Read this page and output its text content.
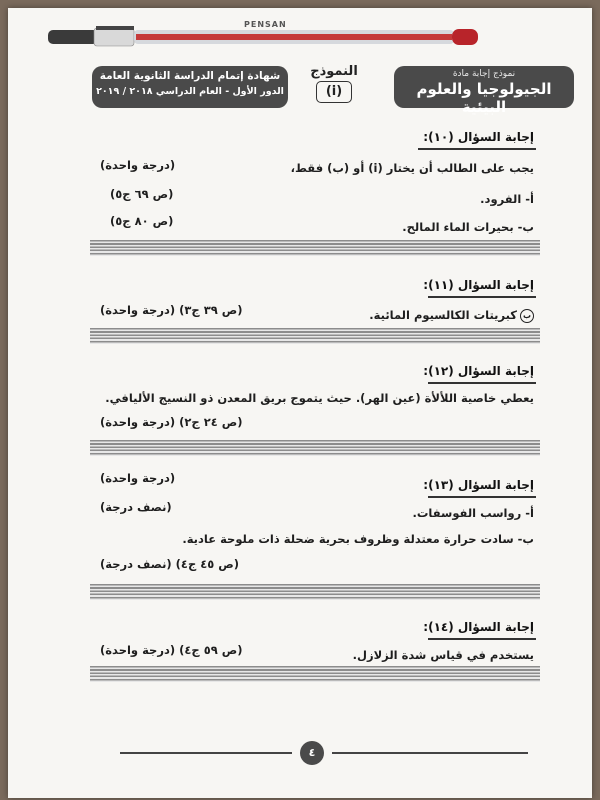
PENSAN
نموذج إجابة مادة
الجيولوجيا والعلوم البيئية
النموذج
(i)
شهادة إتمام الدراسة الثانوية العامة
الدور الأول - العام الدراسي ٢٠١٨ / ٢٠١٩
إجابة السؤال (١٠):
يجب على الطالب أن يختار (i) أو (ب) فقط،
(درجة واحدة)
أ- الفرود.
(ص ٦٩ ج٥)
ب- بحيرات الماء المالح.
(ص ٨٠ ج٥)
إجابة السؤال (١١):
بكبريتات الكالسيوم المائية.
(ص ٣٩ ج٣) (درجة واحدة)
إجابة السؤال (١٢):
يعطي خاصية اللألأة (عين الهر). حيث يتموج بريق المعدن ذو النسيج الأليافي.
(ص ٢٤ ج٢) (درجة واحدة)
إجابة السؤال (١٣):
(درجة واحدة)
أ- رواسب الفوسفات.
(نصف درجة)
ب- سادت حرارة معتدلة وظروف بحرية ضحلة ذات ملوحة عادية.
(ص ٤٥ ج٤) (نصف درجة)
إجابة السؤال (١٤):
يستخدم في قياس شدة الزلازل.
(ص ٥٩ ج٤) (درجة واحدة)
٤
